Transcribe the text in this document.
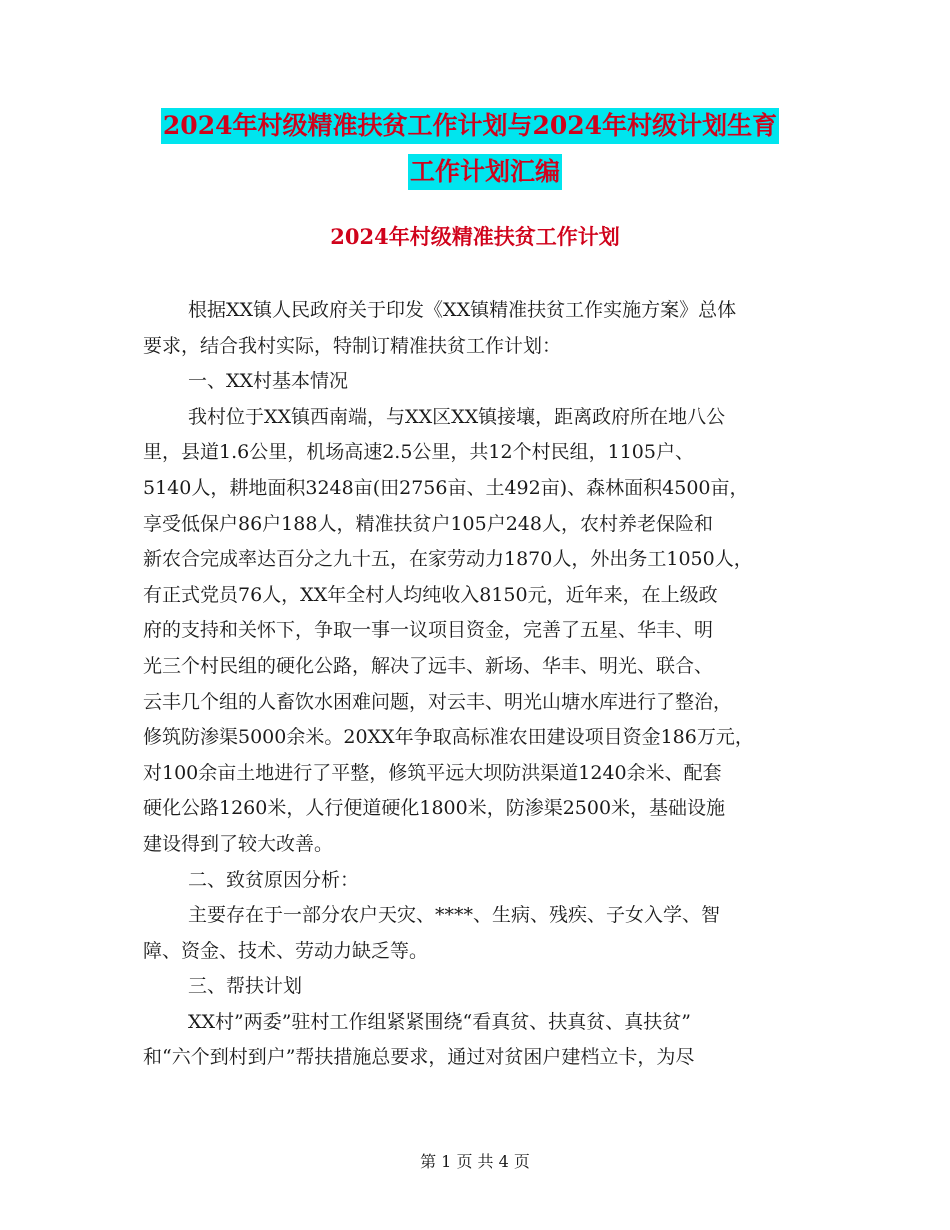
2024年村级精准扶贫工作计划与2024年村级计划生育
工作计划汇编
2024年村级精准扶贫工作计划
根据XX镇人民政府关于印发《XX镇精准扶贫工作实施方案》总体
要求，结合我村实际，特制订精准扶贫工作计划：
一、XX村基本情况
我村位于XX镇西南端，与XX区XX镇接壤，距离政府所在地八公
里，县道1.6公里，机场高速2.5公里，共12个村民组，1105户、
5140人，耕地面积3248亩(田2756亩、土492亩)、森林面积4500亩，
享受低保户86户188人，精准扶贫户105户248人，农村养老保险和
新农合完成率达百分之九十五，在家劳动力1870人，外出务工1050人，
有正式党员76人，XX年全村人均纯收入8150元，近年来，在上级政
府的支持和关怀下，争取一事一议项目资金，完善了五星、华丰、明
光三个村民组的硬化公路，解决了远丰、新场、华丰、明光、联合、
云丰几个组的人畜饮水困难问题，对云丰、明光山塘水库进行了整治，
修筑防渗渠5000余米。20XX年争取高标准农田建设项目资金186万元，
对100余亩土地进行了平整，修筑平远大坝防洪渠道1240余米、配套
硬化公路1260米，人行便道硬化1800米，防渗渠2500米，基础设施
建设得到了较大改善。
二、致贫原因分析：
主要存在于一部分农户天灾、****、生病、残疾、子女入学、智
障、资金、技术、劳动力缺乏等。
三、帮扶计划
XX村”两委”驻村工作组紧紧围绕“看真贫、扶真贫、真扶贫”
和“六个到村到户”帮扶措施总要求，通过对贫困户建档立卡，为尽
第 1 页 共 4 页
